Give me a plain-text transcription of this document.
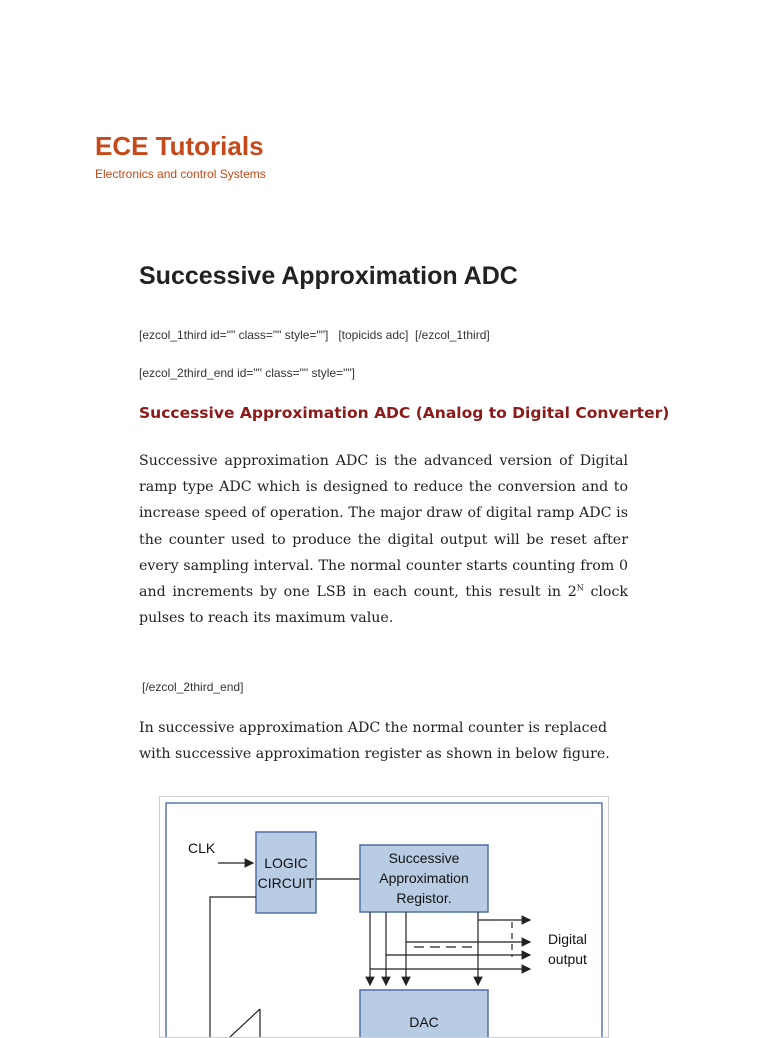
ECE Tutorials

Electronics and control Systems

Successive Approximation ADC

[ezcol_1third id="" class="" style=""]   [topicids adc]  [/ezcol_1third]

[ezcol_2third_end id="" class="" style=""]

Successive Approximation ADC (Analog to Digital Converter)

Successive approximation ADC is the advanced version of Digital ramp type ADC which is designed to reduce the conversion and to increase speed of operation. The major draw of digital ramp ADC is the counter used to produce the digital output will be reset after every sampling interval. The normal counter starts counting from 0 and increments by one LSB in each count, this result in $2^N$ clock pulses to reach its maximum value.

[/ezcol_2third_end]

In successive approximation ADC the normal counter is replaced with successive approximation register as shown in below figure.

CLK
LOGIC
CIRCUIT
Successive
Approximation
Registor.
Digital
output
DAC
